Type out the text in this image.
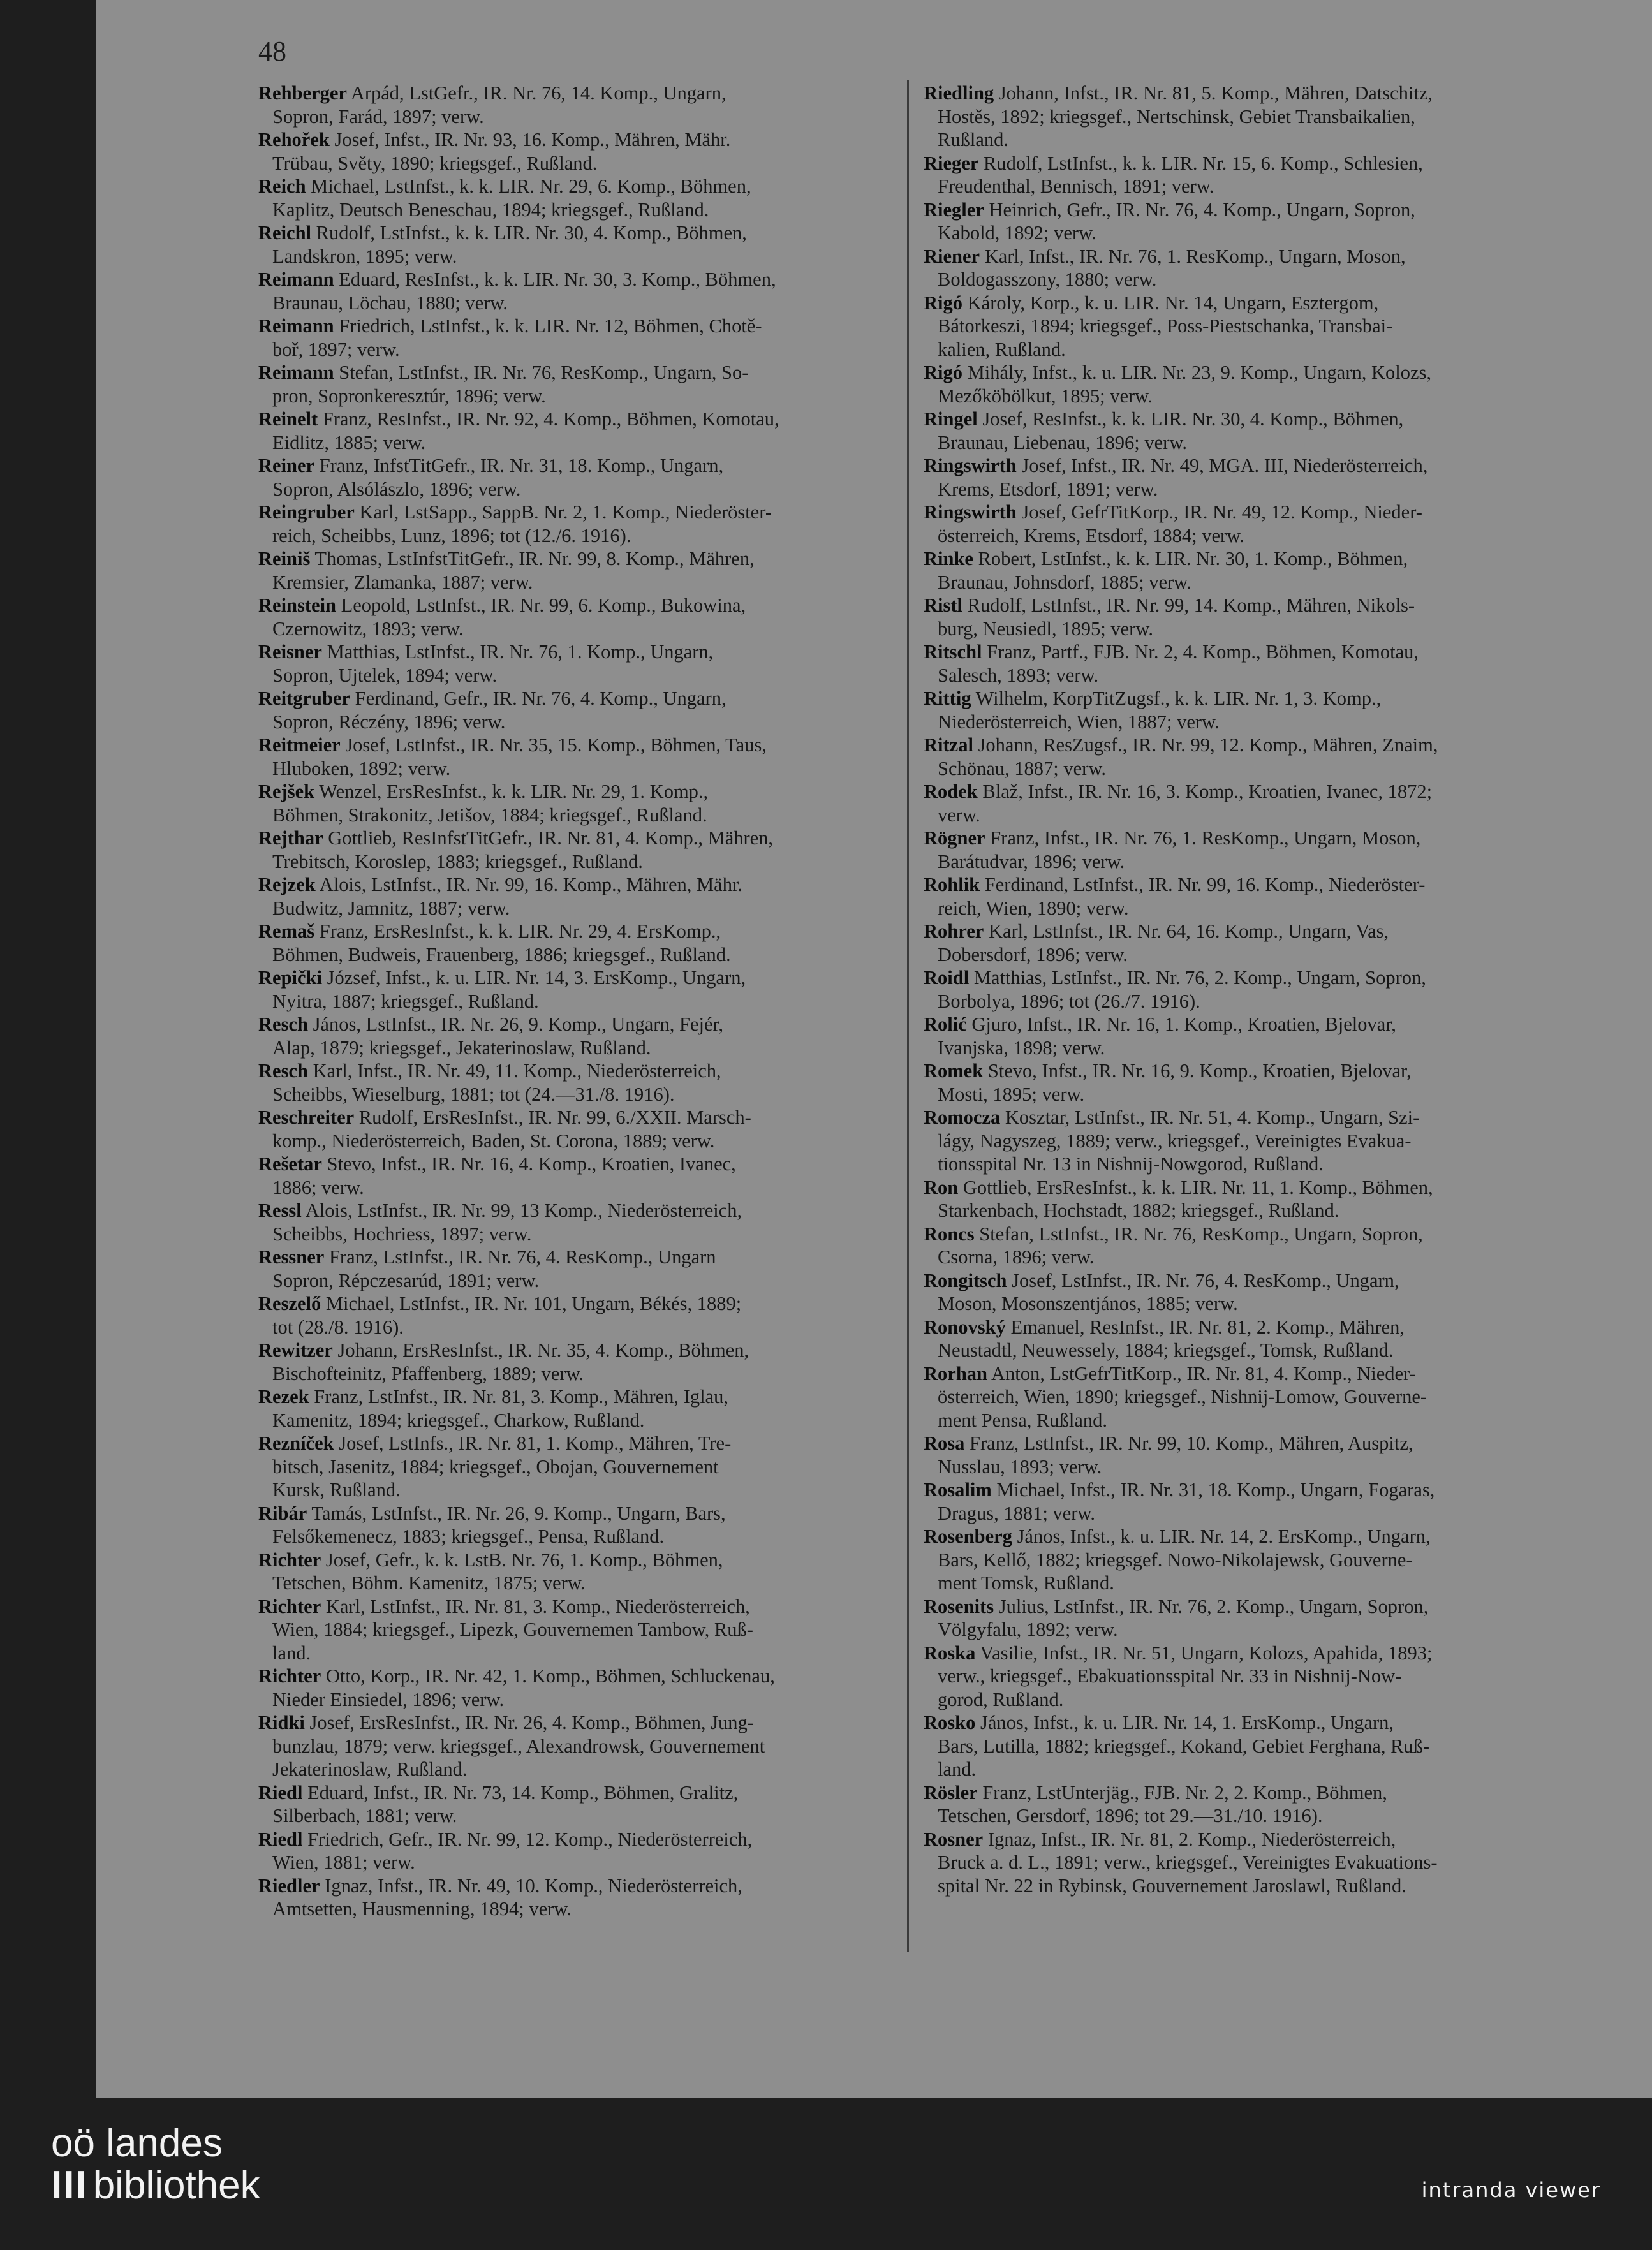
48
Rehberger Arpád, LstGefr., IR. Nr. 76, 14. Komp., Ungarn,
Sopron, Farád, 1897; verw.
Rehořek Josef, Infst., IR. Nr. 93, 16. Komp., Mähren, Mähr.
Trübau, Světy, 1890; kriegsgef., Rußland.
Reich Michael, LstInfst., k. k. LIR. Nr. 29, 6. Komp., Böhmen,
Kaplitz, Deutsch Beneschau, 1894; kriegsgef., Rußland.
Reichl Rudolf, LstInfst., k. k. LIR. Nr. 30, 4. Komp., Böhmen,
Landskron, 1895; verw.
Reimann Eduard, ResInfst., k. k. LIR. Nr. 30, 3. Komp., Böhmen,
Braunau, Löchau, 1880; verw.
Reimann Friedrich, LstInfst., k. k. LIR. Nr. 12, Böhmen, Chotě-
boř, 1897; verw.
Reimann Stefan, LstInfst., IR. Nr. 76, ResKomp., Ungarn, So-
pron, Sopronkeresztúr, 1896; verw.
Reinelt Franz, ResInfst., IR. Nr. 92, 4. Komp., Böhmen, Komotau,
Eidlitz, 1885; verw.
Reiner Franz, InfstTitGefr., IR. Nr. 31, 18. Komp., Ungarn,
Sopron, Alsólászlo, 1896; verw.
Reingruber Karl, LstSapp., SappB. Nr. 2, 1. Komp., Niederöster-
reich, Scheibbs, Lunz, 1896; tot (12./6. 1916).
Reiniš Thomas, LstInfstTitGefr., IR. Nr. 99, 8. Komp., Mähren,
Kremsier, Zlamanka, 1887; verw.
Reinstein Leopold, LstInfst., IR. Nr. 99, 6. Komp., Bukowina,
Czernowitz, 1893; verw.
Reisner Matthias, LstInfst., IR. Nr. 76, 1. Komp., Ungarn,
Sopron, Ujtelek, 1894; verw.
Reitgruber Ferdinand, Gefr., IR. Nr. 76, 4. Komp., Ungarn,
Sopron, Réczény, 1896; verw.
Reitmeier Josef, LstInfst., IR. Nr. 35, 15. Komp., Böhmen, Taus,
Hluboken, 1892; verw.
Rejšek Wenzel, ErsResInfst., k. k. LIR. Nr. 29, 1. Komp.,
Böhmen, Strakonitz, Jetišov, 1884; kriegsgef., Rußland.
Rejthar Gottlieb, ResInfstTitGefr., IR. Nr. 81, 4. Komp., Mähren,
Trebitsch, Koroslep, 1883; kriegsgef., Rußland.
Rejzek Alois, LstInfst., IR. Nr. 99, 16. Komp., Mähren, Mähr.
Budwitz, Jamnitz, 1887; verw.
Remaš Franz, ErsResInfst., k. k. LIR. Nr. 29, 4. ErsKomp.,
Böhmen, Budweis, Frauenberg, 1886; kriegsgef., Rußland.
Repički József, Infst., k. u. LIR. Nr. 14, 3. ErsKomp., Ungarn,
Nyitra, 1887; kriegsgef., Rußland.
Resch János, LstInfst., IR. Nr. 26, 9. Komp., Ungarn, Fejér,
Alap, 1879; kriegsgef., Jekaterinoslaw, Rußland.
Resch Karl, Infst., IR. Nr. 49, 11. Komp., Niederösterreich,
Scheibbs, Wieselburg, 1881; tot (24.—31./8. 1916).
Reschreiter Rudolf, ErsResInfst., IR. Nr. 99, 6./XXII. Marsch-
komp., Niederösterreich, Baden, St. Corona, 1889; verw.
Rešetar Stevo, Infst., IR. Nr. 16, 4. Komp., Kroatien, Ivanec,
1886; verw.
Ressl Alois, LstInfst., IR. Nr. 99, 13 Komp., Niederösterreich,
Scheibbs, Hochriess, 1897; verw.
Ressner Franz, LstInfst., IR. Nr. 76, 4. ResKomp., Ungarn
Sopron, Répczesarúd, 1891; verw.
Reszelő Michael, LstInfst., IR. Nr. 101, Ungarn, Békés, 1889;
tot (28./8. 1916).
Rewitzer Johann, ErsResInfst., IR. Nr. 35, 4. Komp., Böhmen,
Bischofteinitz, Pfaffenberg, 1889; verw.
Rezek Franz, LstInfst., IR. Nr. 81, 3. Komp., Mähren, Iglau,
Kamenitz, 1894; kriegsgef., Charkow, Rußland.
Rezníček Josef, LstInfs., IR. Nr. 81, 1. Komp., Mähren, Tre-
bitsch, Jasenitz, 1884; kriegsgef., Obojan, Gouvernement
Kursk, Rußland.
Ribár Tamás, LstInfst., IR. Nr. 26, 9. Komp., Ungarn, Bars,
Felsőkemenecz, 1883; kriegsgef., Pensa, Rußland.
Richter Josef, Gefr., k. k. LstB. Nr. 76, 1. Komp., Böhmen,
Tetschen, Böhm. Kamenitz, 1875; verw.
Richter Karl, LstInfst., IR. Nr. 81, 3. Komp., Niederösterreich,
Wien, 1884; kriegsgef., Lipezk, Gouvernemen Tambow, Ruß-
land.
Richter Otto, Korp., IR. Nr. 42, 1. Komp., Böhmen, Schluckenau,
Nieder Einsiedel, 1896; verw.
Ridki Josef, ErsResInfst., IR. Nr. 26, 4. Komp., Böhmen, Jung-
bunzlau, 1879; verw. kriegsgef., Alexandrowsk, Gouvernement
Jekaterinoslaw, Rußland.
Riedl Eduard, Infst., IR. Nr. 73, 14. Komp., Böhmen, Gralitz,
Silberbach, 1881; verw.
Riedl Friedrich, Gefr., IR. Nr. 99, 12. Komp., Niederösterreich,
Wien, 1881; verw.
Riedler Ignaz, Infst., IR. Nr. 49, 10. Komp., Niederösterreich,
Amtsetten, Hausmenning, 1894; verw.
Riedling Johann, Infst., IR. Nr. 81, 5. Komp., Mähren, Datschitz,
Hostěs, 1892; kriegsgef., Nertschinsk, Gebiet Transbaikalien,
Rußland.
Rieger Rudolf, LstInfst., k. k. LIR. Nr. 15, 6. Komp., Schlesien,
Freudenthal, Bennisch, 1891; verw.
Riegler Heinrich, Gefr., IR. Nr. 76, 4. Komp., Ungarn, Sopron,
Kabold, 1892; verw.
Riener Karl, Infst., IR. Nr. 76, 1. ResKomp., Ungarn, Moson,
Boldogasszony, 1880; verw.
Rigó Károly, Korp., k. u. LIR. Nr. 14, Ungarn, Esztergom,
Bátorkeszi, 1894; kriegsgef., Poss-Piestschanka, Transbai-
kalien, Rußland.
Rigó Mihály, Infst., k. u. LIR. Nr. 23, 9. Komp., Ungarn, Kolozs,
Mezőköbölkut, 1895; verw.
Ringel Josef, ResInfst., k. k. LIR. Nr. 30, 4. Komp., Böhmen,
Braunau, Liebenau, 1896; verw.
Ringswirth Josef, Infst., IR. Nr. 49, MGA. III, Niederösterreich,
Krems, Etsdorf, 1891; verw.
Ringswirth Josef, GefrTitKorp., IR. Nr. 49, 12. Komp., Nieder-
österreich, Krems, Etsdorf, 1884; verw.
Rinke Robert, LstInfst., k. k. LIR. Nr. 30, 1. Komp., Böhmen,
Braunau, Johnsdorf, 1885; verw.
Ristl Rudolf, LstInfst., IR. Nr. 99, 14. Komp., Mähren, Nikols-
burg, Neusiedl, 1895; verw.
Ritschl Franz, Partf., FJB. Nr. 2, 4. Komp., Böhmen, Komotau,
Salesch, 1893; verw.
Rittig Wilhelm, KorpTitZugsf., k. k. LIR. Nr. 1, 3. Komp.,
Niederösterreich, Wien, 1887; verw.
Ritzal Johann, ResZugsf., IR. Nr. 99, 12. Komp., Mähren, Znaim,
Schönau, 1887; verw.
Rodek Blaž, Infst., IR. Nr. 16, 3. Komp., Kroatien, Ivanec, 1872;
verw.
Rögner Franz, Infst., IR. Nr. 76, 1. ResKomp., Ungarn, Moson,
Barátudvar, 1896; verw.
Rohlik Ferdinand, LstInfst., IR. Nr. 99, 16. Komp., Niederöster-
reich, Wien, 1890; verw.
Rohrer Karl, LstInfst., IR. Nr. 64, 16. Komp., Ungarn, Vas,
Dobersdorf, 1896; verw.
Roidl Matthias, LstInfst., IR. Nr. 76, 2. Komp., Ungarn, Sopron,
Borbolya, 1896; tot (26./7. 1916).
Rolić Gjuro, Infst., IR. Nr. 16, 1. Komp., Kroatien, Bjelovar,
Ivanjska, 1898; verw.
Romek Stevo, Infst., IR. Nr. 16, 9. Komp., Kroatien, Bjelovar,
Mosti, 1895; verw.
Romocza Kosztar, LstInfst., IR. Nr. 51, 4. Komp., Ungarn, Szi-
lágy, Nagyszeg, 1889; verw., kriegsgef., Vereinigtes Evakua-
tionsspital Nr. 13 in Nishnij-Nowgorod, Rußland.
Ron Gottlieb, ErsResInfst., k. k. LIR. Nr. 11, 1. Komp., Böhmen,
Starkenbach, Hochstadt, 1882; kriegsgef., Rußland.
Roncs Stefan, LstInfst., IR. Nr. 76, ResKomp., Ungarn, Sopron,
Csorna, 1896; verw.
Rongitsch Josef, LstInfst., IR. Nr. 76, 4. ResKomp., Ungarn,
Moson, Mosonszentjános, 1885; verw.
Ronovský Emanuel, ResInfst., IR. Nr. 81, 2. Komp., Mähren,
Neustadtl, Neuwessely, 1884; kriegsgef., Tomsk, Rußland.
Rorhan Anton, LstGefrTitKorp., IR. Nr. 81, 4. Komp., Nieder-
österreich, Wien, 1890; kriegsgef., Nishnij-Lomow, Gouverne-
ment Pensa, Rußland.
Rosa Franz, LstInfst., IR. Nr. 99, 10. Komp., Mähren, Auspitz,
Nusslau, 1893; verw.
Rosalim Michael, Infst., IR. Nr. 31, 18. Komp., Ungarn, Fogaras,
Dragus, 1881; verw.
Rosenberg János, Infst., k. u. LIR. Nr. 14, 2. ErsKomp., Ungarn,
Bars, Kellő, 1882; kriegsgef. Nowo-Nikolajewsk, Gouverne-
ment Tomsk, Rußland.
Rosenits Julius, LstInfst., IR. Nr. 76, 2. Komp., Ungarn, Sopron,
Völgyfalu, 1892; verw.
Roska Vasilie, Infst., IR. Nr. 51, Ungarn, Kolozs, Apahida, 1893;
verw., kriegsgef., Ebakuationsspital Nr. 33 in Nishnij-Now-
gorod, Rußland.
Rosko János, Infst., k. u. LIR. Nr. 14, 1. ErsKomp., Ungarn,
Bars, Lutilla, 1882; kriegsgef., Kokand, Gebiet Ferghana, Ruß-
land.
Rösler Franz, LstUnterjäg., FJB. Nr. 2, 2. Komp., Böhmen,
Tetschen, Gersdorf, 1896; tot 29.—31./10. 1916).
Rosner Ignaz, Infst., IR. Nr. 81, 2. Komp., Niederösterreich,
Bruck a. d. L., 1891; verw., kriegsgef., Vereinigtes Evakuations-
spital Nr. 22 in Rybinsk, Gouvernement Jaroslawl, Rußland.
oö landes
III bibliothek	intranda viewer
